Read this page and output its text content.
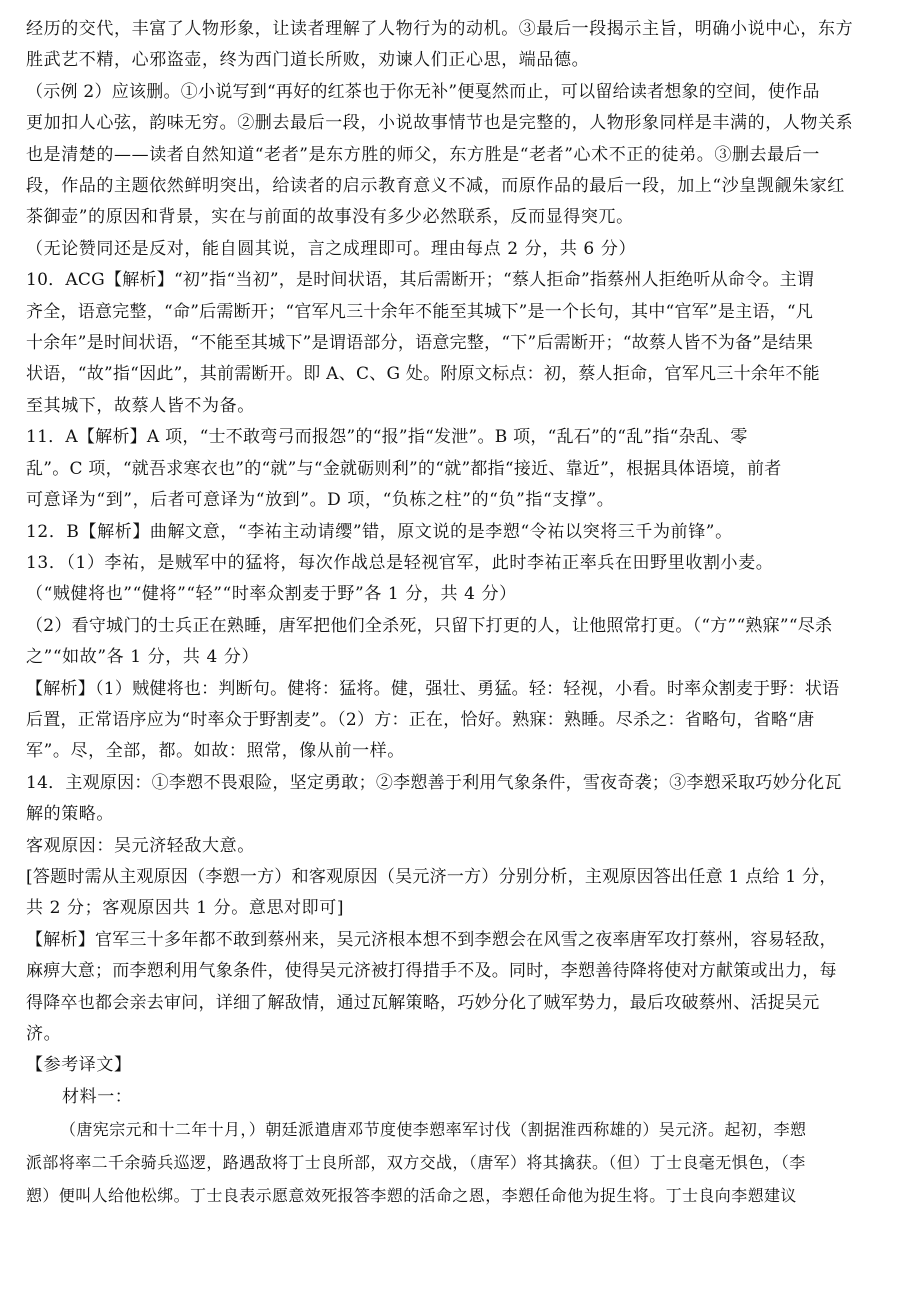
经历的交代，丰富了人物形象，让读者理解了人物行为的动机。③最后一段揭示主旨，明确小说中心，东方
胜武艺不精，心邪盗壶，终为西门道长所败，劝谏人们正心思，端品德。
（示例 2）应该删。①小说写到“再好的红茶也于你无补”便戛然而止，可以留给读者想象的空间，使作品
更加扣人心弦，韵味无穷。②删去最后一段，小说故事情节也是完整的，人物形象同样是丰满的，人物关系
也是清楚的——读者自然知道“老者”是东方胜的师父，东方胜是“老者”心术不正的徒弟。③删去最后一
段，作品的主题依然鲜明突出，给读者的启示教育意义不减，而原作品的最后一段，加上“沙皇觊觎朱家红
茶御壶”的原因和背景，实在与前面的故事没有多少必然联系，反而显得突兀。
（无论赞同还是反对，能自圆其说，言之成理即可。理由每点 2 分，共 6 分）
10．ACG【解析】“初”指“当初”，是时间状语，其后需断开；“蔡人拒命”指蔡州人拒绝听从命令。主谓
齐全，语意完整，“命”后需断开；“官军凡三十余年不能至其城下”是一个长句，其中“官军”是主语，“凡
十余年”是时间状语，“不能至其城下”是谓语部分，语意完整，“下”后需断开；“故蔡人皆不为备”是结果
状语，“故”指“因此”，其前需断开。即 A、C、G 处。附原文标点：初，蔡人拒命，官军凡三十余年不能
至其城下，故蔡人皆不为备。
11．A【解析】A 项，“士不敢弯弓而报怨”的“报”指“发泄”。B 项，“乱石”的“乱”指“杂乱、零
乱”。C 项，“就吾求寒衣也”的“就”与“金就砺则利”的“就”都指“接近、靠近”，根据具体语境，前者
可意译为“到”，后者可意译为“放到”。D 项，“负栋之柱”的“负”指“支撑”。
12．B【解析】曲解文意，“李祐主动请缨”错，原文说的是李愬“令祐以突将三千为前锋”。
13．（1）李祐，是贼军中的猛将，每次作战总是轻视官军，此时李祐正率兵在田野里收割小麦。
（“贼健将也”“健将”“轻”“时率众割麦于野”各 1 分，共 4 分）
（2）看守城门的士兵正在熟睡，唐军把他们全杀死，只留下打更的人，让他照常打更。（“方”“熟寐”“尽杀
之”“如故”各 1 分，共 4 分）
【解析】（1）贼健将也：判断句。健将：猛将。健，强壮、勇猛。轻：轻视，小看。时率众割麦于野：状语
后置，正常语序应为“时率众于野割麦”。（2）方：正在，恰好。熟寐：熟睡。尽杀之：省略句，省略“唐
军”。尽，全部，都。如故：照常，像从前一样。
14．主观原因：①李愬不畏艰险，坚定勇敢；②李愬善于利用气象条件，雪夜奇袭；③李愬采取巧妙分化瓦
解的策略。
客观原因：吴元济轻敌大意。
[答题时需从主观原因（李愬一方）和客观原因（吴元济一方）分别分析，主观原因答出任意 1 点给 1 分，
共 2 分；客观原因共 1 分。意思对即可]
【解析】官军三十多年都不敢到蔡州来，吴元济根本想不到李愬会在风雪之夜率唐军攻打蔡州，容易轻敌，
麻痹大意；而李愬利用气象条件，使得吴元济被打得措手不及。同时，李愬善待降将使对方献策或出力，每
得降卒也都会亲去审问，详细了解敌情，通过瓦解策略，巧妙分化了贼军势力，最后攻破蔡州、活捉吴元
济。
【参考译文】
材料一：
（唐宪宗元和十二年十月，）朝廷派遣唐邓节度使李愬率军讨伐（割据淮西称雄的）吴元济。起初，李愬
派部将率二千余骑兵巡逻，路遇敌将丁士良所部，双方交战，（唐军）将其擒获。（但）丁士良毫无惧色，（李
愬）便叫人给他松绑。丁士良表示愿意效死报答李愬的活命之恩，李愬任命他为捉生将。丁士良向李愬建议
